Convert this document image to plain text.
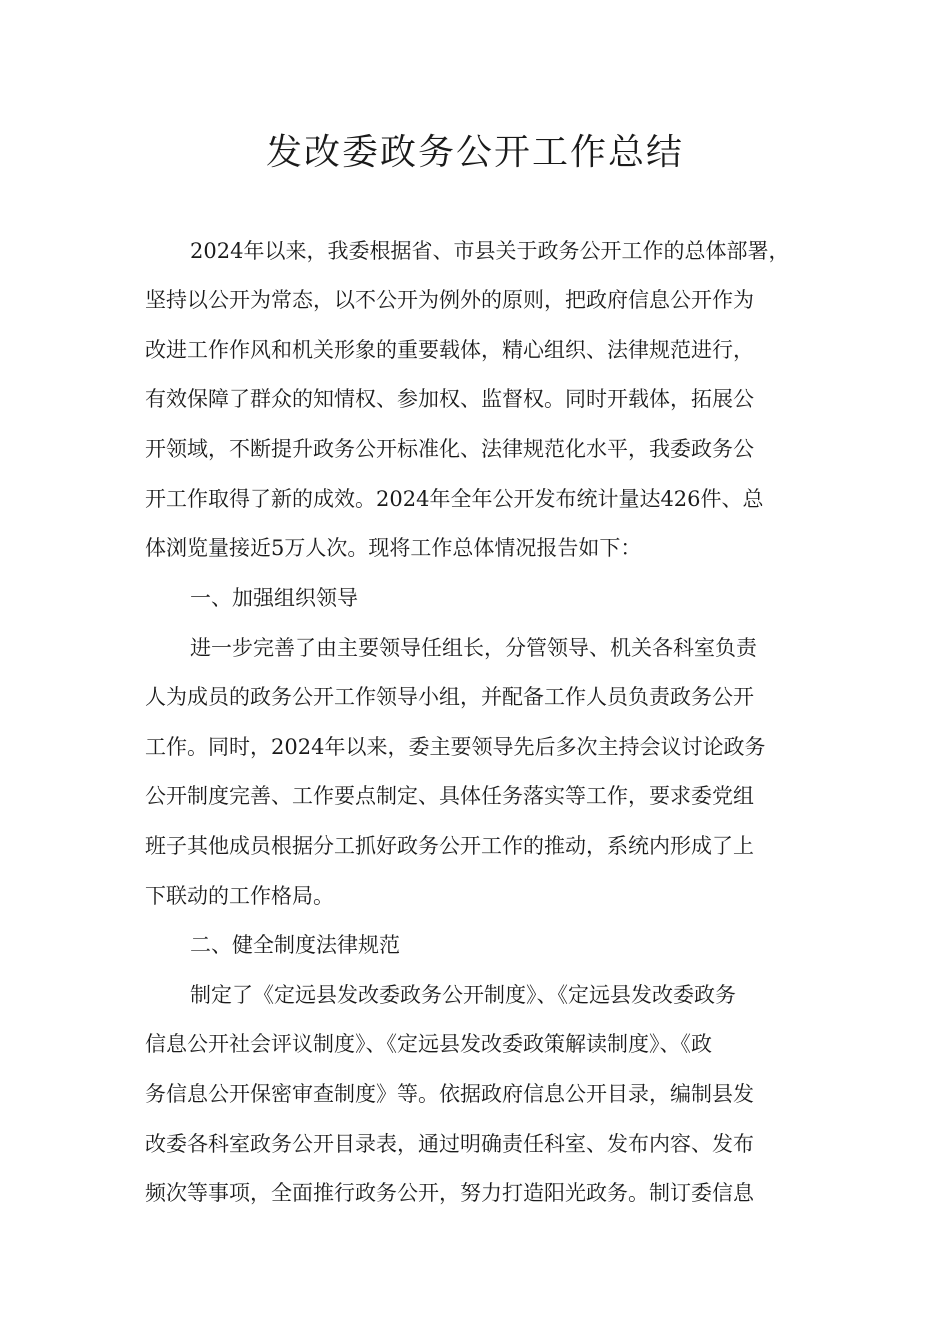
发改委政务公开工作总结
2024年以来，我委根据省、市县关于政务公开工作的总体部署，
坚持以公开为常态，以不公开为例外的原则，把政府信息公开作为
改进工作作风和机关形象的重要载体，精心组织、法律规范进行，
有效保障了群众的知情权、参加权、监督权。同时开载体，拓展公
开领域，不断提升政务公开标准化、法律规范化水平，我委政务公
开工作取得了新的成效。2024年全年公开发布统计量达426件、总
体浏览量接近5万人次。现将工作总体情况报告如下：
一、加强组织领导
进一步完善了由主要领导任组长，分管领导、机关各科室负责
人为成员的政务公开工作领导小组，并配备工作人员负责政务公开
工作。同时，2024年以来，委主要领导先后多次主持会议讨论政务
公开制度完善、工作要点制定、具体任务落实等工作，要求委党组
班子其他成员根据分工抓好政务公开工作的推动，系统内形成了上
下联动的工作格局。
二、健全制度法律规范
制定了《定远县发改委政务公开制度》、《定远县发改委政务
信息公开社会评议制度》、《定远县发改委政策解读制度》、《政
务信息公开保密审查制度》等。依据政府信息公开目录，编制县发
改委各科室政务公开目录表，通过明确责任科室、发布内容、发布
频次等事项，全面推行政务公开，努力打造阳光政务。制订委信息
